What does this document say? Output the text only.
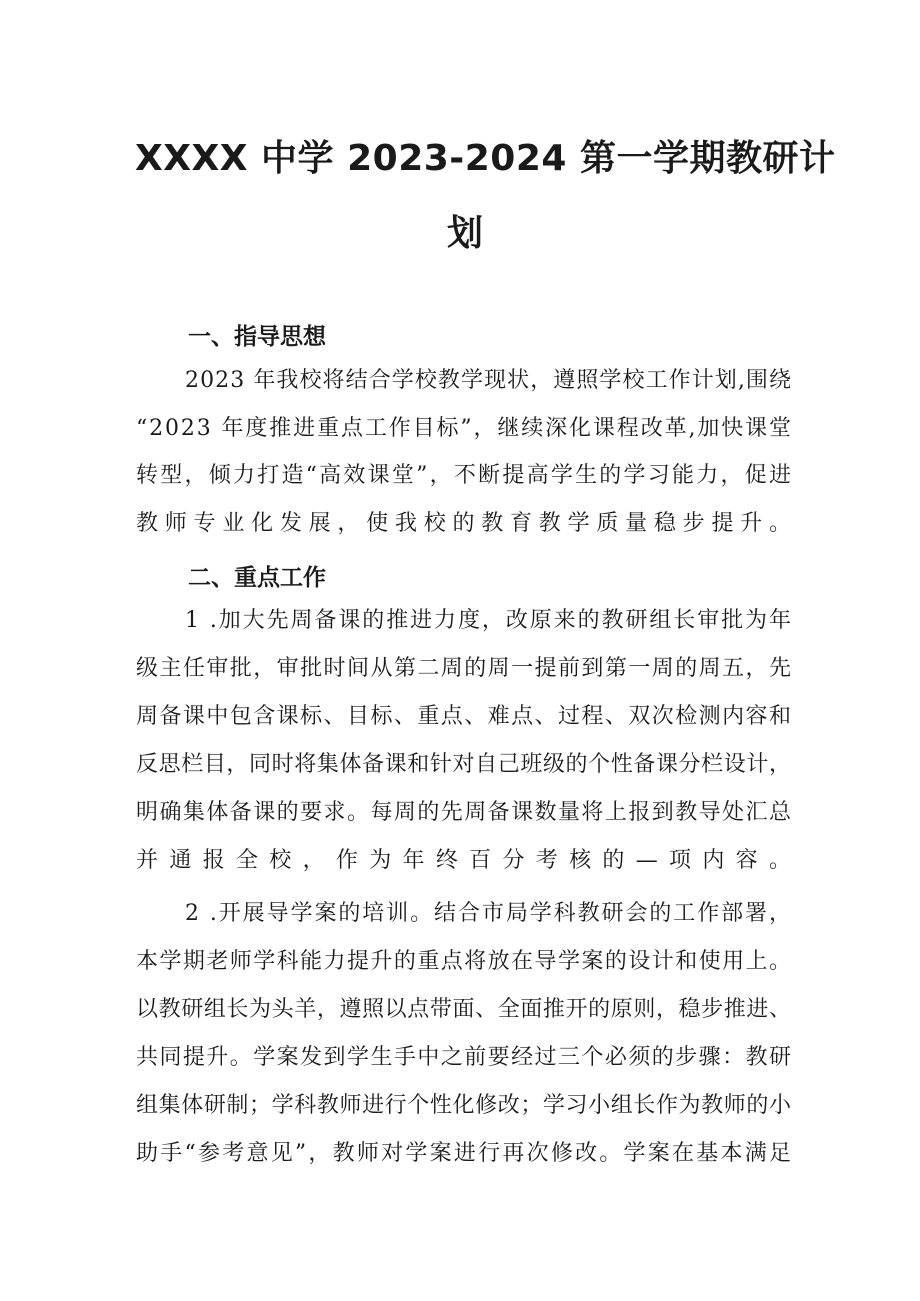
XXXX 中学 2023-2024 第一学期教研计
划
一、指导思想
2023 年我校将结合学校教学现状，遵照学校工作计划,围绕
“2023 年度推进重点工作目标”，继续深化课程改革,加快课堂
转型，倾力打造“高效课堂”，不断提高学生的学习能力，促进
教师专业化发展，使我校的教育教学质量稳步提升。
二、重点工作
1 .加大先周备课的推进力度，改原来的教研组长审批为年
级主任审批，审批时间从第二周的周一提前到第一周的周五，先
周备课中包含课标、目标、重点、难点、过程、双次检测内容和
反思栏目，同时将集体备课和针对自己班级的个性备课分栏设计，
明确集体备课的要求。每周的先周备课数量将上报到教导处汇总
并通报全校，作为年终百分考核的—项内容。
2 .开展导学案的培训。结合市局学科教研会的工作部署，
本学期老师学科能力提升的重点将放在导学案的设计和使用上。
以教研组长为头羊，遵照以点带面、全面推开的原则，稳步推进、
共同提升。学案发到学生手中之前要经过三个必须的步骤：教研
组集体研制；学科教师进行个性化修改；学习小组长作为教师的小
助手“参考意见”，教师对学案进行再次修改。学案在基本满足
